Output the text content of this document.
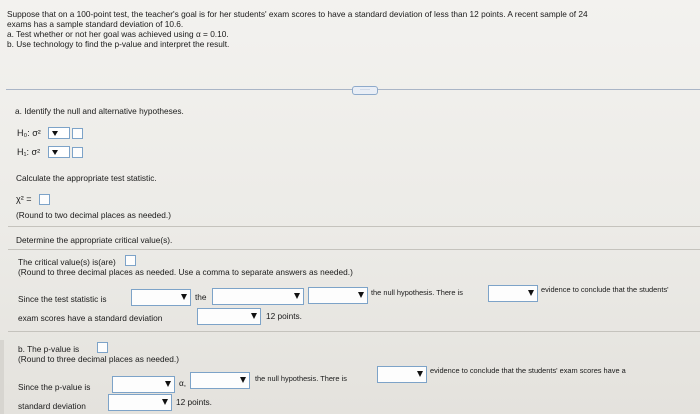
Suppose that on a 100-point test, the teacher's goal is for her students' exam scores to have a standard deviation of less than 12 points. A recent sample of 24
exams has a sample standard deviation of 10.6.
a. Test whether or not her goal was achieved using α = 0.10.
b. Use technology to find the p-value and interpret the result.
·····
a. Identify the null and alternative hypotheses.
H₀: σ²
H₁: σ²
Calculate the appropriate test statistic.
χ² =
(Round to two decimal places as needed.)
Determine the appropriate critical value(s).
The critical value(s) is(are)
(Round to three decimal places as needed. Use a comma to separate answers as needed.)
Since the test statistic is	the	the null hypothesis. There is	evidence to conclude that the students'
exam scores have a standard deviation	12 points.
b. The p-value is
(Round to three decimal places as needed.)
Since the p-value is	α,	the null hypothesis. There is
evidence to conclude that the students' exam scores have a
standard deviation	12 points.
